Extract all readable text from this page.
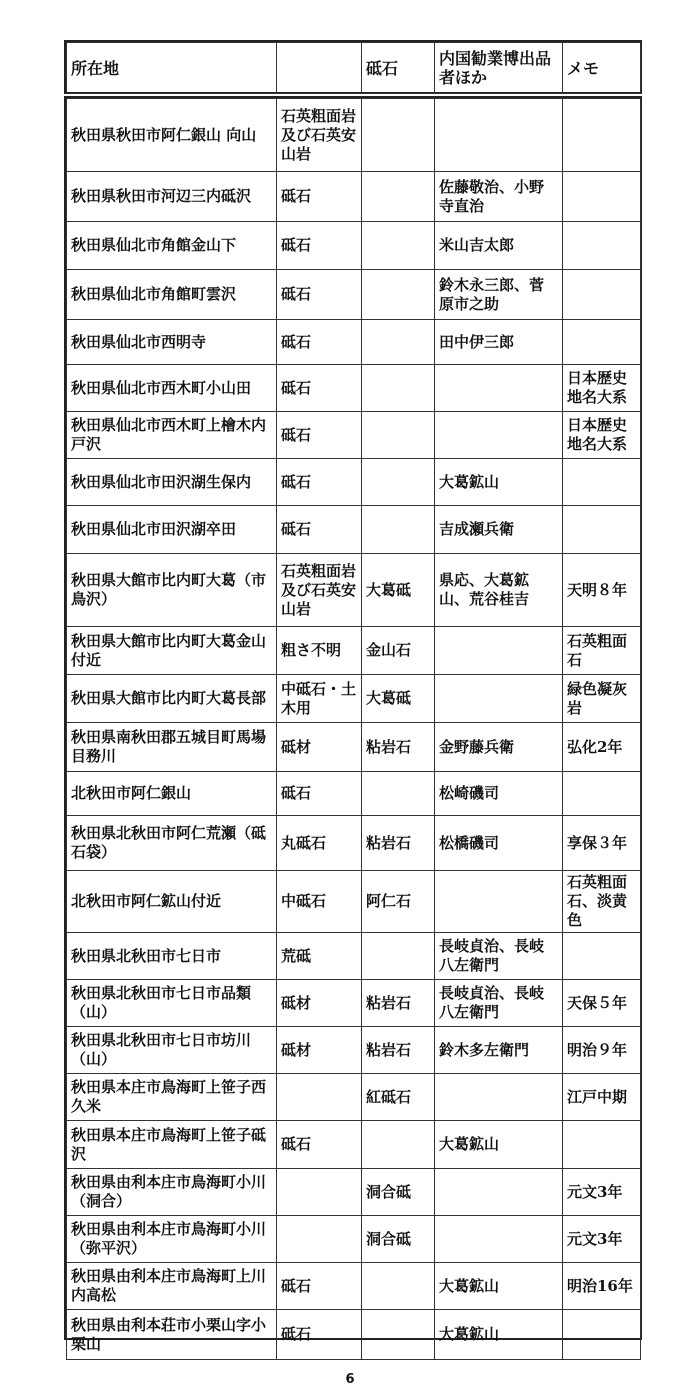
所在地		砥石	内国勧業博出品者ほか	メモ
秋田県秋田市阿仁銀山 向山	石英粗面岩及び石英安山岩			
秋田県秋田市河辺三内砥沢	砥石		佐藤敬治、小野寺直治	
秋田県仙北市角館金山下	砥石		米山吉太郎	
秋田県仙北市角館町雲沢	砥石		鈴木永三郎、菅原市之助	
秋田県仙北市西明寺	砥石		田中伊三郎	
秋田県仙北市西木町小山田	砥石			日本歴史地名大系
秋田県仙北市西木町上檜木内戸沢	砥石			日本歴史地名大系
秋田県仙北市田沢湖生保内	砥石		大葛鉱山	
秋田県仙北市田沢湖卒田	砥石		吉成瀬兵衛	
秋田県大館市比内町大葛（市鳥沢）	石英粗面岩及び石英安山岩	大葛砥	県応、大葛鉱山、荒谷桂吉	天明８年
秋田県大館市比内町大葛金山付近	粗さ不明	金山石		石英粗面石
秋田県大館市比内町大葛長部	中砥石・土木用	大葛砥		緑色凝灰岩
秋田県南秋田郡五城目町馬場目務川	砥材	粘岩石	金野藤兵衛	弘化2年
北秋田市阿仁銀山	砥石		松崎磯司	
秋田県北秋田市阿仁荒瀬（砥石袋）	丸砥石	粘岩石	松橋磯司	享保３年
北秋田市阿仁鉱山付近	中砥石	阿仁石		石英粗面石、淡黄色
秋田県北秋田市七日市	荒砥		長岐貞治、長岐八左衛門	
秋田県北秋田市七日市品類（山）	砥材	粘岩石	長岐貞治、長岐八左衛門	天保５年
秋田県北秋田市七日市坊川（山）	砥材	粘岩石	鈴木多左衛門	明治９年
秋田県本庄市鳥海町上笹子西久米		紅砥石		江戸中期
秋田県本庄市鳥海町上笹子砥沢	砥石		大葛鉱山	
秋田県由利本庄市鳥海町小川（洞合）		洞合砥		元文3年
秋田県由利本庄市鳥海町小川（弥平沢）		洞合砥		元文3年
秋田県由利本庄市鳥海町上川内高松	砥石		大葛鉱山	明治16年
秋田県由利本荘市小栗山字小栗山	砥石		大葛鉱山	
6
